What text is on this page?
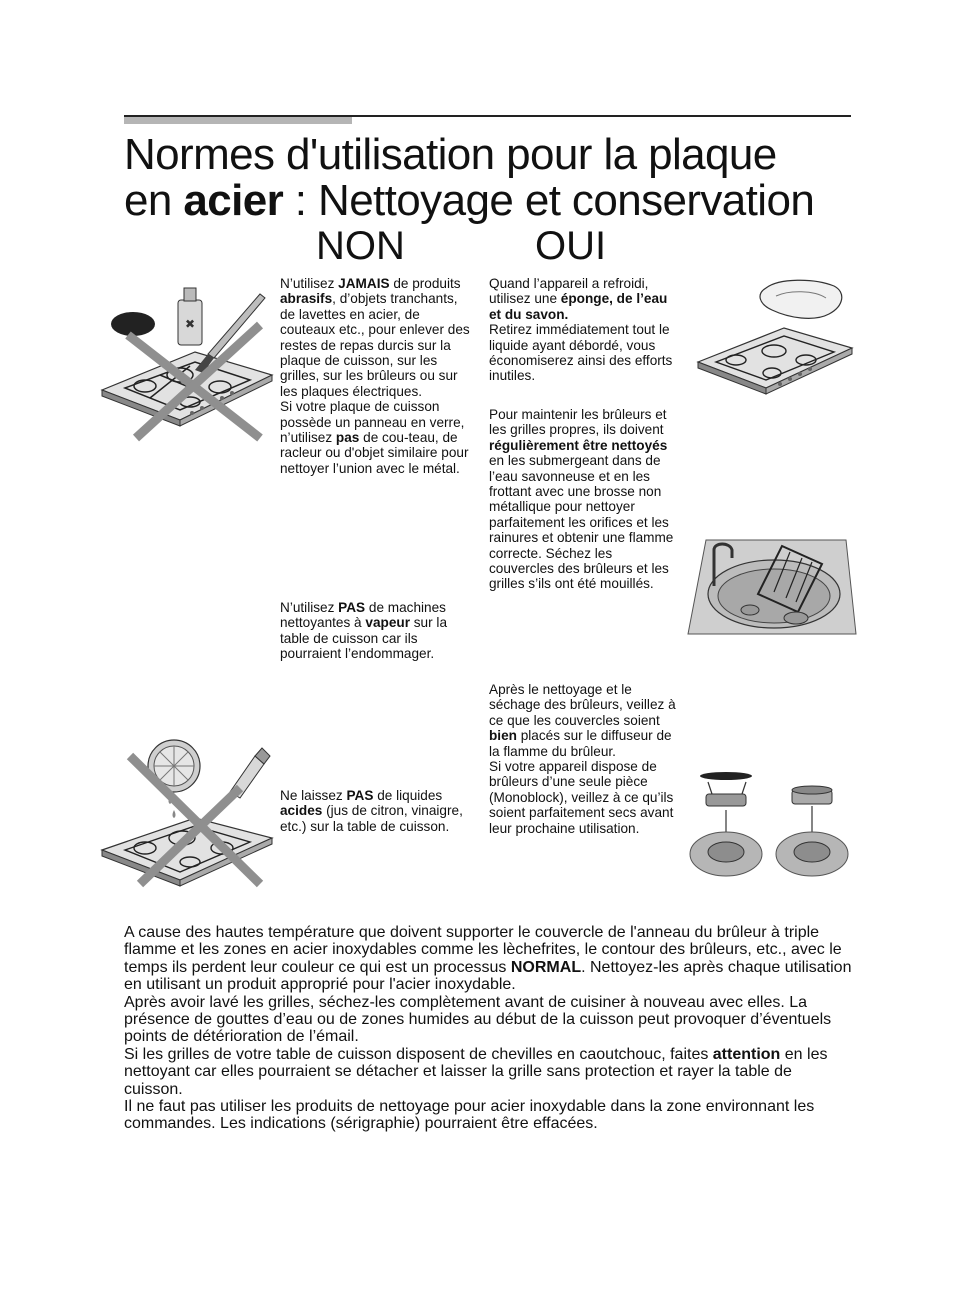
Normes d'utilisation pour la plaque
en acier : Nettoyage et conservation
NON	OUI
N’utilisez JAMAIS de produits abrasifs, d’objets tranchants, de lavettes en acier, de couteaux etc., pour enlever des restes de repas durcis sur la plaque de cuisson, sur les grilles, sur les brûleurs ou sur les plaques électriques.
Si votre plaque de cuisson possède un panneau en verre, n’utilisez pas de cou-teau, de racleur ou d'objet similaire pour nettoyer l’union avec le métal.
N’utilisez PAS de machines nettoyantes à vapeur sur la table de cuisson car ils pourraient l’endommager.
Ne laissez PAS de liquides acides (jus de citron, vinaigre, etc.) sur la table de cuisson.
Quand l’appareil a refroidi, utilisez une éponge, de l’eau et du savon.
Retirez immédiatement tout le liquide ayant débordé, vous économiserez ainsi des efforts inutiles.
Pour maintenir les brûleurs et les grilles propres, ils doivent régulièrement être nettoyés en les submergeant dans de l’eau savonneuse et en les frottant avec une brosse non métallique pour nettoyer parfaitement les orifices et les rainures et obtenir une flamme correcte. Séchez les couvercles des brûleurs et les grilles s’ils ont été mouillés.
Après le nettoyage et le séchage des brûleurs, veillez à ce que les couvercles soient bien placés sur le diffuseur de la flamme du brûleur.
Si votre appareil dispose de brûleurs d’une seule pièce (Monoblock), veillez à ce qu’ils soient parfaitement secs avant leur prochaine utilisation.
✖

A cause des hautes température que doivent supporter le couvercle de l'anneau du brûleur à triple flamme et les zones en acier inoxydables comme les lèchefrites, le contour des brûleurs, etc., avec le temps ils perdent leur couleur ce qui est un processus NORMAL. Nettoyez-les après chaque utilisation en utilisant un produit approprié pour l'acier inoxydable.

Après avoir lavé les grilles, séchez-les complètement avant de cuisiner à nouveau avec elles. La présence de gouttes d’eau ou de zones humides au début de la cuisson peut provoquer d’éventuels points de détérioration de l’émail.

Si les grilles de votre table de cuisson disposent de chevilles en caoutchouc, faites attention en les nettoyant car elles pourraient se détacher et laisser la grille sans protection et rayer la table de cuisson.

Il ne faut pas utiliser les produits de nettoyage pour acier inoxydable dans la zone environnant les commandes. Les indications (sérigraphie) pourraient être effacées.
